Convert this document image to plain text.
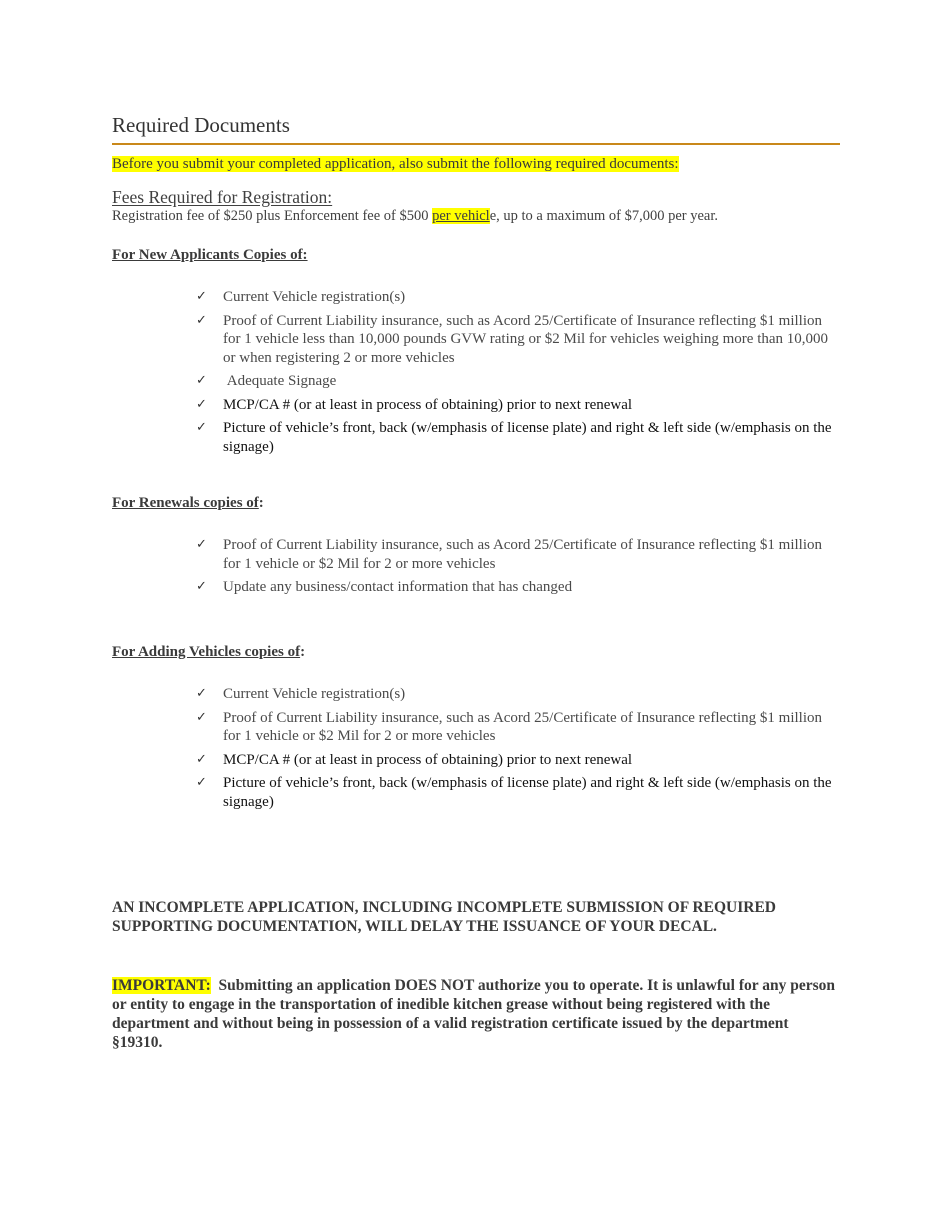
Required Documents
Before you submit your completed application, also submit the following required documents:
Fees Required for Registration:
Registration fee of $250 plus Enforcement fee of $500 per vehicle, up to a maximum of $7,000 per year.
For New Applicants Copies of:
✓ Current Vehicle registration(s)
✓ Proof of Current Liability insurance, such as Acord 25/Certificate of Insurance reflecting $1 million for 1 vehicle less than 10,000 pounds GVW rating or $2 Mil for vehicles weighing more than 10,000 or when registering 2 or more vehicles
✓ Adequate Signage
✓ MCP/CA # (or at least in process of obtaining) prior to next renewal
✓ Picture of vehicle’s front, back (w/emphasis of license plate) and right & left side (w/emphasis on the signage)
For Renewals copies of:
✓ Proof of Current Liability insurance, such as Acord 25/Certificate of Insurance reflecting $1 million for 1 vehicle or $2 Mil for 2 or more vehicles
✓ Update any business/contact information that has changed
For Adding Vehicles copies of:
✓ Current Vehicle registration(s)
✓ Proof of Current Liability insurance, such as Acord 25/Certificate of Insurance reflecting $1 million for 1 vehicle or $2 Mil for 2 or more vehicles
✓ MCP/CA # (or at least in process of obtaining) prior to next renewal
✓ Picture of vehicle’s front, back (w/emphasis of license plate) and right & left side (w/emphasis on the signage)

AN INCOMPLETE APPLICATION, INCLUDING INCOMPLETE SUBMISSION OF REQUIRED SUPPORTING DOCUMENTATION, WILL DELAY THE ISSUANCE OF YOUR DECAL.

IMPORTANT:  Submitting an application DOES NOT authorize you to operate. It is unlawful for any person or entity to engage in the transportation of inedible kitchen grease without being registered with the department and without being in possession of a valid registration certificate issued by the department §19310.
